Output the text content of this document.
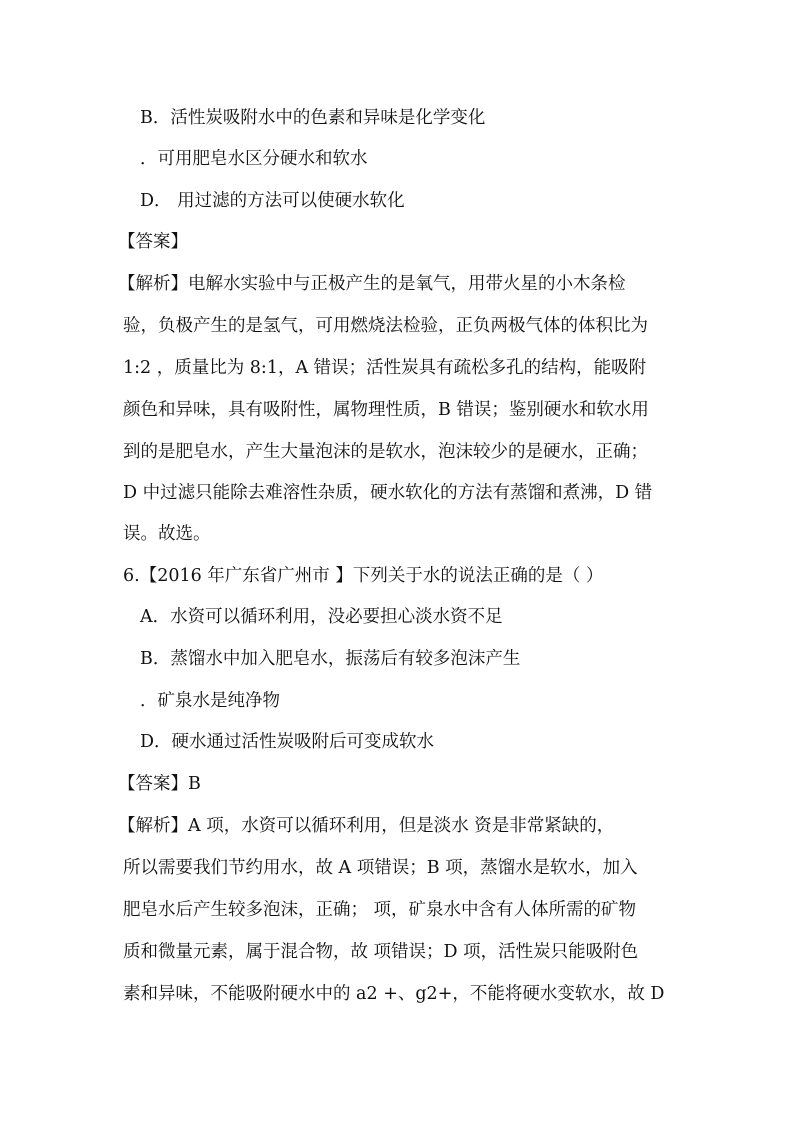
B．活性炭吸附水中的色素和异味是化学变化
．可用肥皂水区分硬水和软水
D． 用过滤的方法可以使硬水软化
【答案】
【解析】电解水实验中与正极产生的是氧气，用带火星的小木条检
验，负极产生的是氢气，可用燃烧法检验，正负两极气体的体积比为
1:2 ，质量比为 8:1，A 错误；活性炭具有疏松多孔的结构，能吸附
颜色和异味，具有吸附性，属物理性质，B 错误；鉴别硬水和软水用
到的是肥皂水，产生大量泡沫的是软水，泡沫较少的是硬水，正确；
D 中过滤只能除去难溶性杂质，硬水软化的方法有蒸馏和煮沸，D 错
误。故选。
6.【2016 年广东省广州市 】下列关于水的说法正确的是（ ）
A．水资可以循环利用，没必要担心淡水资不足
B．蒸馏水中加入肥皂水，振荡后有较多泡沫产生
．矿泉水是纯净物
D．硬水通过活性炭吸附后可变成软水
【答案】B
【解析】A 项，水资可以循环利用，但是淡水 资是非常紧缺的，
所以需要我们节约用水，故 A 项错误；B 项，蒸馏水是软水，加入
肥皂水后产生较多泡沫，正确； 项，矿泉水中含有人体所需的矿物
质和微量元素，属于混合物，故 项错误；D 项，活性炭只能吸附色
素和异味，不能吸附硬水中的 a2 +、g2+，不能将硬水变软水，故 D
